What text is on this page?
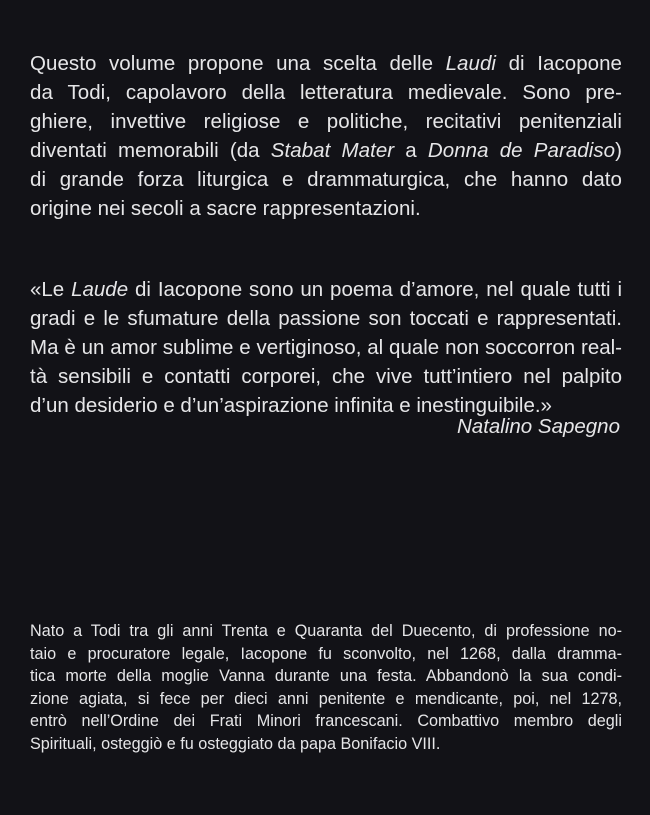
Questo volume propone una scelta delle Laudi di Iacopone
da Todi, capolavoro della letteratura medievale. Sono pre-
ghiere, invettive religiose e politiche, recitativi penitenziali
diventati memorabili (da Stabat Mater a Donna de Paradiso)
di grande forza liturgica e drammaturgica, che hanno dato
origine nei secoli a sacre rappresentazioni.

«Le Laude di Iacopone sono un poema d’amore, nel quale tutti i
gradi e le sfumature della passione son toccati e rappresentati.
Ma è un amor sublime e vertiginoso, al quale non soccorron real-
tà sensibili e contatti corporei, che vive tutt’intiero nel palpito
d’un desiderio e d’un’aspirazione infinita e inestinguibile.»

Natalino Sapegno

Nato a Todi tra gli anni Trenta e Quaranta del Duecento, di professione no-
taio e procuratore legale, Iacopone fu sconvolto, nel 1268, dalla dramma-
tica morte della moglie Vanna durante una festa. Abbandonò la sua condi-
zione agiata, si fece per dieci anni penitente e mendicante, poi, nel 1278,
entrò nell’Ordine dei Frati Minori francescani. Combattivo membro degli
Spirituali, osteggiò e fu osteggiato da papa Bonifacio VIII.
